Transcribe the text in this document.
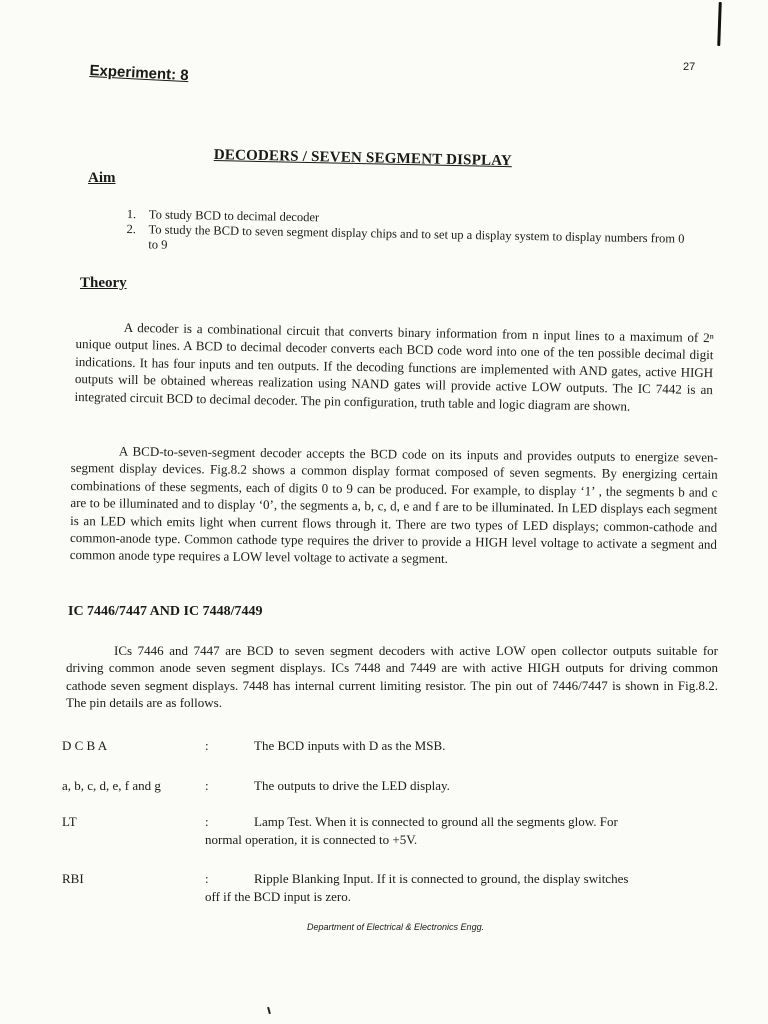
27
Experiment: 8
DECODERS / SEVEN SEGMENT DISPLAY
Aim
1. To study BCD to decimal decoder
2. To study the BCD to seven segment display chips and to set up a display system to display numbers from 0 to 9
Theory
A decoder is a combinational circuit that converts binary information from n input lines to a maximum of 2ⁿ unique output lines. A BCD to decimal decoder converts each BCD code word into one of the ten possible decimal digit indications. It has four inputs and ten outputs. If the decoding functions are implemented with AND gates, active HIGH outputs will be obtained whereas realization using NAND gates will provide active LOW outputs. The IC 7442 is an integrated circuit BCD to decimal decoder. The pin configuration, truth table and logic diagram are shown.
A BCD-to-seven-segment decoder accepts the BCD code on its inputs and provides outputs to energize seven-segment display devices. Fig.8.2 shows a common display format composed of seven segments. By energizing certain combinations of these segments, each of digits 0 to 9 can be produced. For example, to display ‘1’ , the segments b and c are to be illuminated and to display ‘0’, the segments a, b, c, d, e and f are to be illuminated. In LED displays each segment is an LED which emits light when current flows through it. There are two types of LED displays; common-cathode and common-anode type. Common cathode type requires the driver to provide a HIGH level voltage to activate a segment and common anode type requires a LOW level voltage to activate a segment.
IC 7446/7447 AND IC 7448/7449
ICs 7446 and 7447 are BCD to seven segment decoders with active LOW open collector outputs suitable for driving common anode seven segment displays. ICs 7448 and 7449 are with active HIGH outputs for driving common cathode seven segment displays. 7448 has internal current limiting resistor. The pin out of 7446/7447 is shown in Fig.8.2. The pin details are as follows.
D C B A	:	The BCD inputs with D as the MSB.
a, b, c, d, e, f and g	:	The outputs to drive the LED display.
LT	:	Lamp Test. When it is connected to ground all the segments glow. For
normal operation, it is connected to +5V.
RBI	:	Ripple Blanking Input. If it is connected to ground, the display switches
off if the BCD input is zero.
Department of Electrical & Electronics Engg.
